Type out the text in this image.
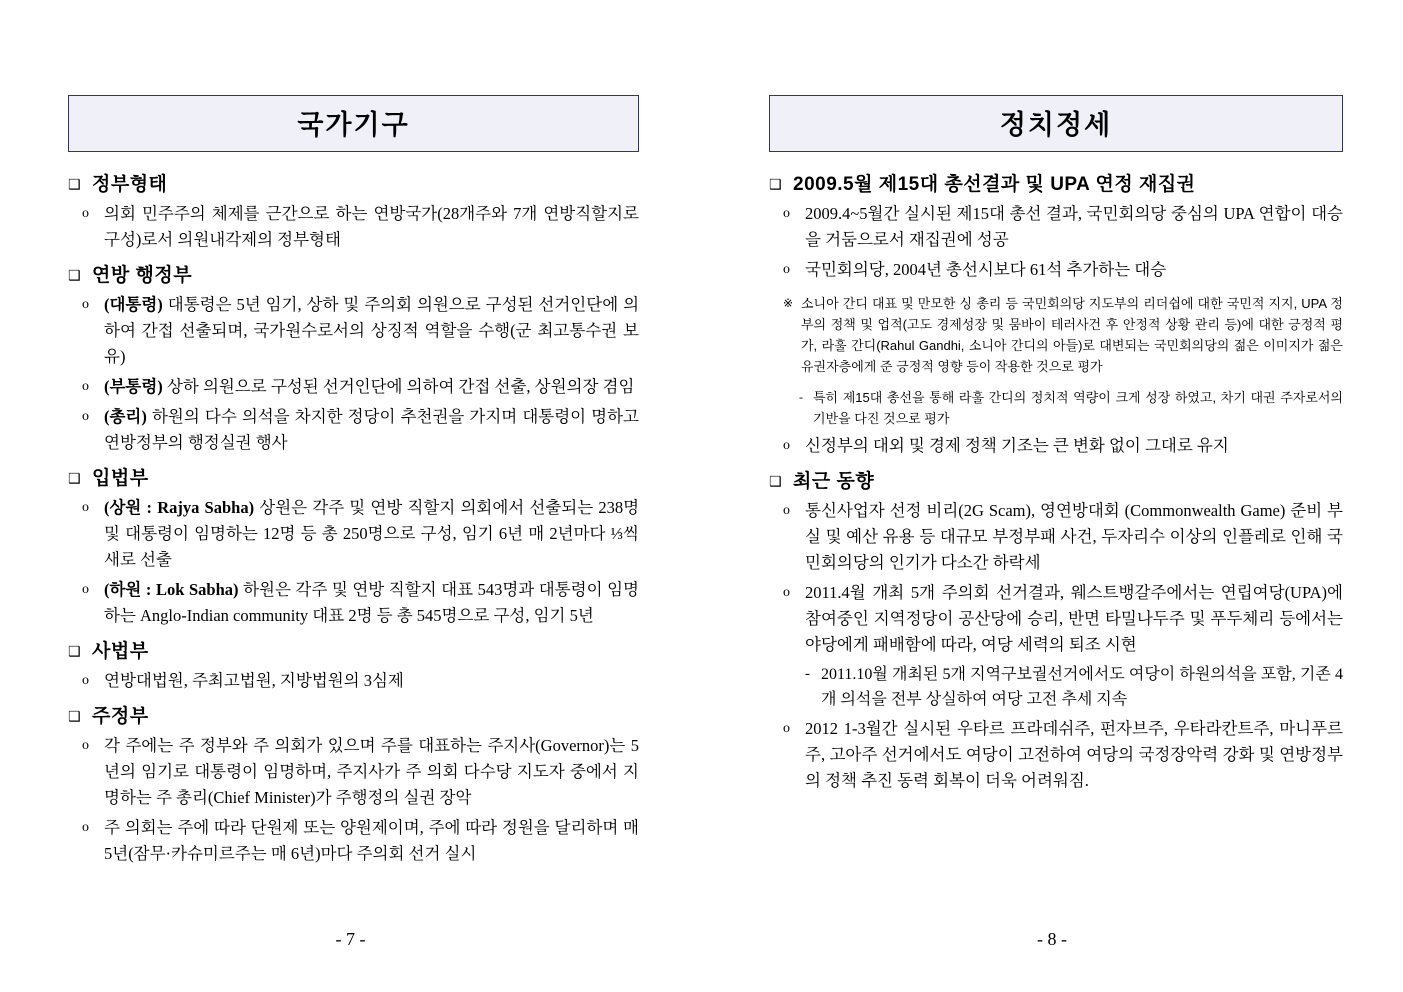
국가기구
❑ 정부형태
o 의회 민주주의 체제를 근간으로 하는 연방국가(28개주와 7개 연방직할지로 구성)로서 의원내각제의 정부형태
❑ 연방 행정부
o (대통령) 대통령은 5년 임기, 상하 및 주의회 의원으로 구성된 선거인단에 의하여 간접 선출되며, 국가원수로서의 상징적 역할을 수행(군 최고통수권 보유)
o (부통령) 상하 의원으로 구성된 선거인단에 의하여 간접 선출, 상원의장 겸임
o (총리) 하원의 다수 의석을 차지한 정당이 추천권을 가지며 대통령이 명하고 연방정부의 행정실권 행사
❑ 입법부
o (상원 : Rajya Sabha) 상원은 각주 및 연방 직할지 의회에서 선출되는 238명 및 대통령이 임명하는 12명 등 총 250명으로 구성, 임기 6년 매 2년마다 ⅓씩 새로 선출
o (하원 : Lok Sabha) 하원은 각주 및 연방 직할지 대표 543명과 대통령이 임명하는 Anglo-Indian community 대표 2명 등 총 545명으로 구성, 임기 5년
❑ 사법부
o 연방대법원, 주최고법원, 지방법원의 3심제
❑ 주정부
o 각 주에는 주 정부와 주 의회가 있으며 주를 대표하는 주지사(Governor)는 5년의 임기로 대통령이 임명하며, 주지사가 주 의회 다수당 지도자 중에서 지명하는 주 총리(Chief Minister)가 주행정의 실권 장악
o 주 의회는 주에 따라 단원제 또는 양원제이며, 주에 따라 정원을 달리하며 매 5년(잠무·카슈미르주는 매 6년)마다 주의회 선거 실시
- 7 -
정치정세
❑ 2009.5월 제15대 총선결과 및 UPA 연정 재집권
o 2009.4~5월간 실시된 제15대 총선 결과, 국민회의당 중심의 UPA 연합이 대승을 거둠으로서 재집권에 성공
o 국민회의당, 2004년 총선시보다 61석 추가하는 대승
※ 소니아 간디 대표 및 만모한 싱 총리 등 국민회의당 지도부의 리더쉽에 대한 국민적 지지, UPA 정부의 정책 및 업적(고도 경제성장 및 뭄바이 테러사건 후 안정적 상황 관리 등)에 대한 긍정적 평가, 라훌 간디(Rahul Gandhi, 소니아 간디의 아들)로 대변되는 국민회의당의 젊은 이미지가 젊은 유권자층에게 준 긍정적 영향 등이 작용한 것으로 평가
- 특히 제15대 총선을 통해 라훌 간디의 정치적 역량이 크게 성장 하였고, 차기 대권 주자로서의 기반을 다진 것으로 평가
o 신정부의 대외 및 경제 정책 기조는 큰 변화 없이 그대로 유지
❑ 최근 동향
o 통신사업자 선정 비리(2G Scam), 영연방대회 (Commonwealth Game) 준비 부실 및 예산 유용 등 대규모 부정부패 사건, 두자리수 이상의 인플레로 인해 국민회의당의 인기가 다소간 하락세
o 2011.4월 개최 5개 주의회 선거결과, 웨스트뱅갈주에서는 연립여당(UPA)에 참여중인 지역정당이 공산당에 승리, 반면 타밀나두주 및 푸두체리 등에서는 야당에게 패배함에 따라, 여당 세력의 퇴조 시현
- 2011.10월 개최된 5개 지역구보궐선거에서도 여당이 하원의석을 포함, 기존 4개 의석을 전부 상실하여 여당 고전 추세 지속
o 2012 1-3월간 실시된 우타르 프라데쉬주, 펀자브주, 우타라칸트주, 마니푸르주, 고아주 선거에서도 여당이 고전하여 여당의 국정장악력 강화 및 연방정부의 정책 추진 동력 회복이 더욱 어려워짐.
- 8 -
